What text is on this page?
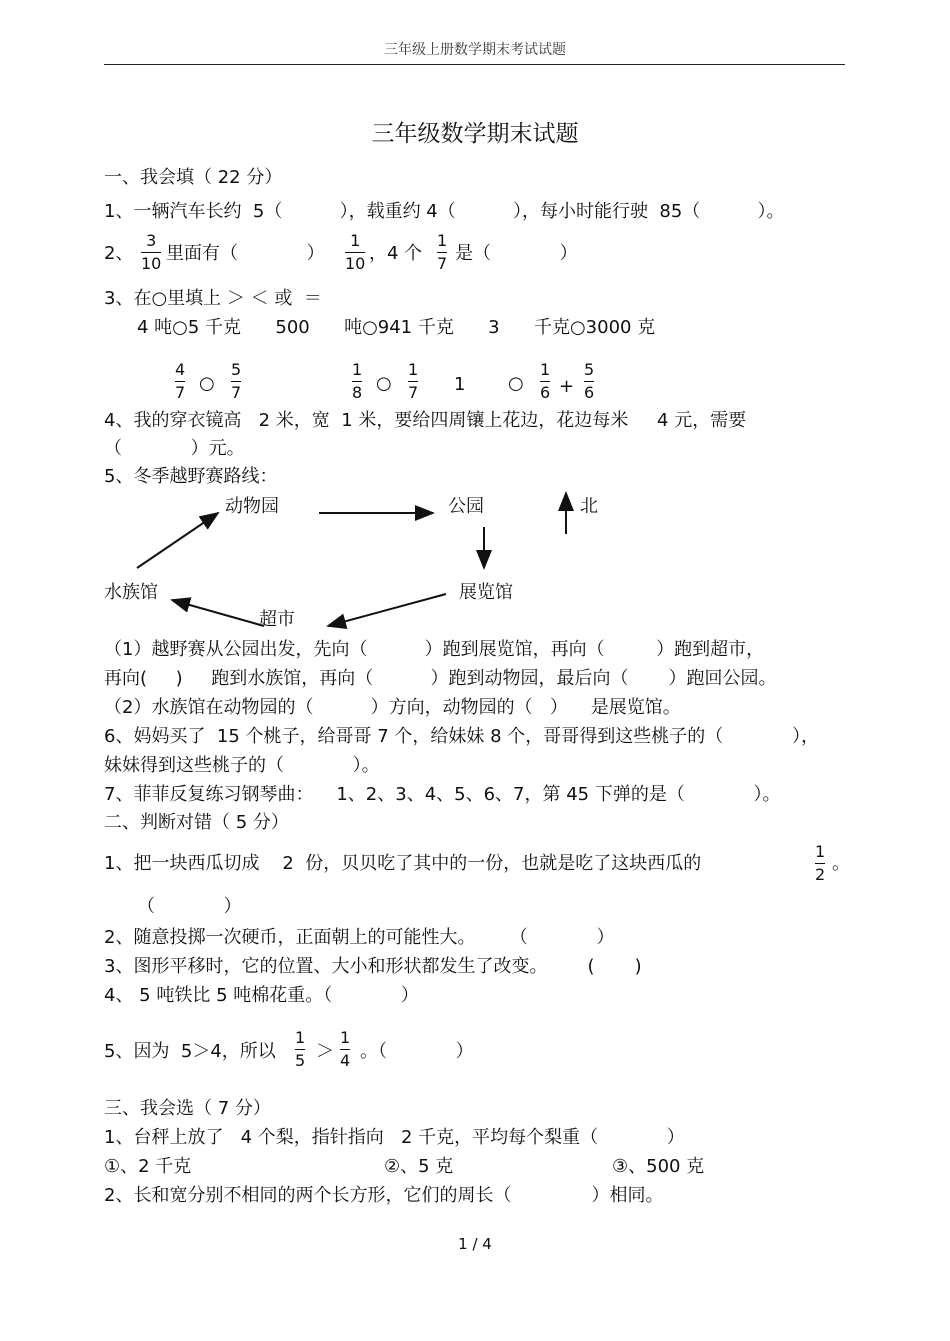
三年级上册数学期末考试试题
三年级数学期末试题
一、我会填（ 22 分）
1、一辆汽车长约  5（          ），载重约 4（          ），每小时能行驶  85（          ）。
2、
3
10 里面有（            ）
1
10 ，4 个
1
7 是（            ）
3、在○里填上 ＞ ＜ 或  ＝
4 吨○5 千克      500      吨○941 千克      3      千克○3000 克
4
7 ○
5
7
1
8 ○
1
7 1 ○
1
6 +
5
6
4、我的穿衣镜高   2 米，宽  1 米，要给四周镶上花边，花边每米     4 元，需要
（            ）元。
5、冬季越野赛路线：
动物园	公园	北
水族馆	展览馆
超市
（1）越野赛从公园出发，先向（          ）跑到展览馆，再向（         ）跑到超市，
再向(     )     跑到水族馆，再向（          ）跑到动物园，最后向（       ）跑回公园。
（2）水族馆在动物园的（          ）方向，动物园的（   ）    是展览馆。
6、妈妈买了  15 个桃子，给哥哥 7 个，给妹妹 8 个，哥哥得到这些桃子的（            ），
妹妹得到这些桃子的（            ）。
7、菲菲反复练习钢琴曲：    1、2、3、4、5、6、7，第 45 下弹的是（            ）。
二、判断对错（ 5 分）
1、把一块西瓜切成    2  份，贝贝吃了其中的一份，也就是吃了这块西瓜的
1
2
。
（            ）
2、随意投掷一次硬币，正面朝上的可能性大。      （            ）
3、图形平移时，它的位置、大小和形状都发生了改变。       (       )
4、 5 吨铁比 5 吨棉花重。（            ）
5、因为  5＞4，所以
1
5 ＞
1
4 。（            ）
三、我会选（ 7 分）
1、台秤上放了   4 个梨，指针指向   2 千克，平均每个梨重（            ）
①、2 千克	②、5 克	③、500 克
2、长和宽分别不相同的两个长方形，它们的周长（              ）相同。
1 / 4
